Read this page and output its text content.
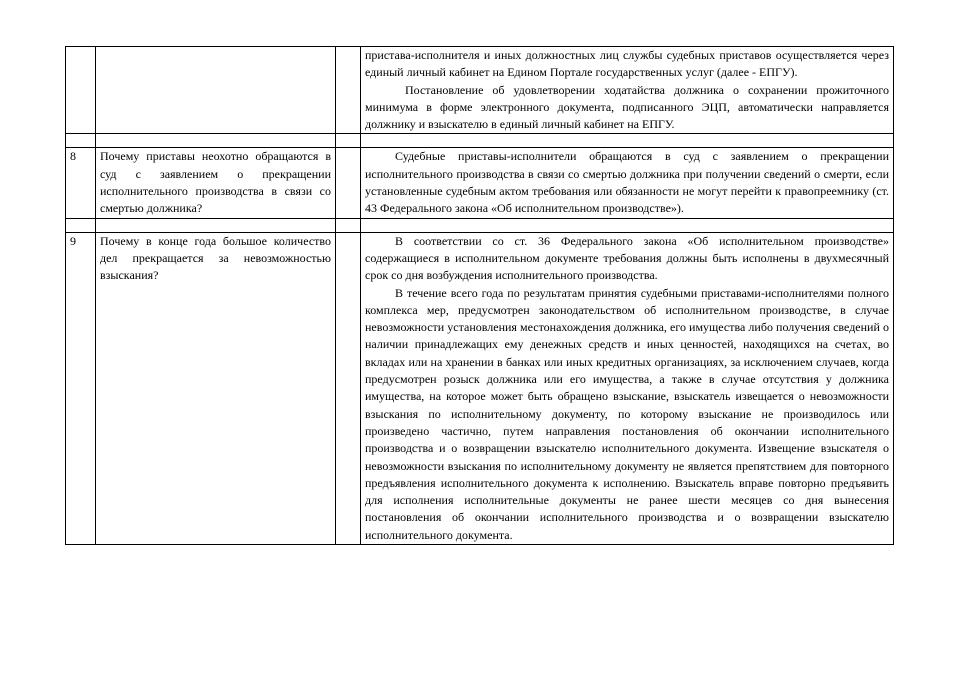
			пристава-исполнителя и иных должностных лиц службы судебных приставов осуществляется через единый личный кабинет на Едином Портале государственных услуг (далее - ЕПГУ).

Постановление об удовлетворении ходатайства должника о сохранении прожиточного минимума в форме электронного документа, подписанного ЭЦП, автоматически направляется должнику и взыскателю в единый личный кабинет на ЕПГУ.

8	Почему приставы неохотно обращаются в суд с заявлением о прекращении исполнительного производства в связи со смертью должника?		Судебные приставы-исполнители обращаются в суд с заявлением о прекращении исполнительного производства в связи со смертью должника при получении сведений о смерти, если установленные судебным актом требования или обязанности не могут перейти к правопреемнику (ст. 43 Федерального закона «Об исполнительном производстве»).

9	Почему в конце года большое количество дел прекращается за невозможностью взыскания?		В соответствии со ст. 36 Федерального закона «Об исполнительном производстве» содержащиеся в исполнительном документе требования должны быть исполнены в двухмесячный срок со дня возбуждения исполнительного производства.

В течение всего года по результатам принятия судебными приставами-исполнителями полного комплекса мер, предусмотрен законодательством об исполнительном производстве, в случае невозможности установления местонахождения должника, его имущества либо получения сведений о наличии принадлежащих ему денежных средств и иных ценностей, находящихся на счетах, во вкладах или на хранении в банках или иных кредитных организациях, за исключением случаев, когда предусмотрен розыск должника или его имущества, а также в случае отсутствия у должника имущества, на которое может быть обращено взыскание, взыскатель извещается о невозможности взыскания по исполнительному документу, по которому взыскание не производилось или произведено частично, путем направления постановления об окончании исполнительного производства и о возвращении взыскателю исполнительного документа. Извещение взыскателя о невозможности взыскания по исполнительному документу не является препятствием для повторного предъявления исполнительного документа к исполнению. Взыскатель вправе повторно предъявить для исполнения исполнительные документы не ранее шести месяцев со дня вынесения постановления об окончании исполнительного производства и о возвращении взыскателю исполнительного документа.
